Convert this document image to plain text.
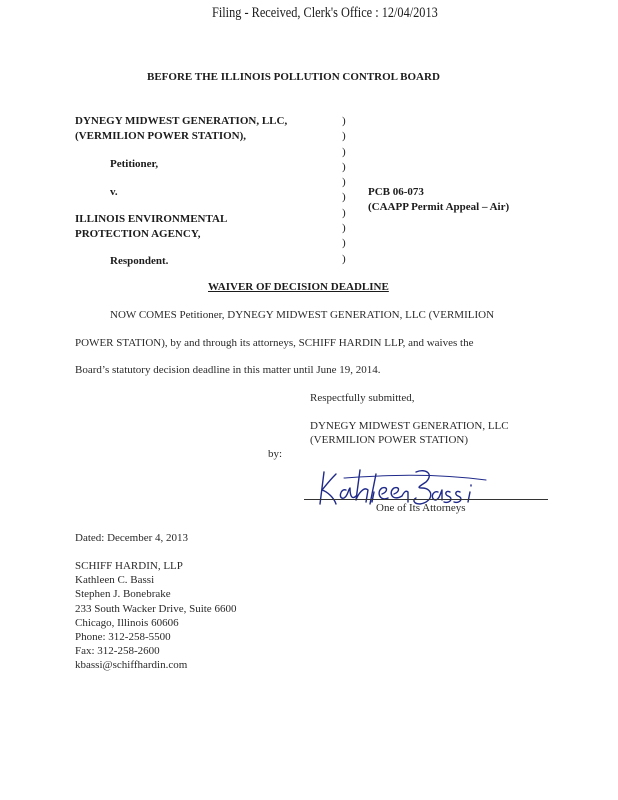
Filing - Received, Clerk's Office : 12/04/2013
BEFORE THE ILLINOIS POLLUTION CONTROL BOARD
DYNEGY MIDWEST GENERATION, LLC,
(VERMILION POWER STATION),
Petitioner,
v.
ILLINOIS ENVIRONMENTAL
PROTECTION AGENCY,
Respondent.
)
)
)
)
)
)
)
)
)
)
PCB 06-073
(CAAPP Permit Appeal – Air)
WAIVER OF DECISION DEADLINE
NOW COMES Petitioner, DYNEGY MIDWEST GENERATION, LLC (VERMILION
POWER STATION), by and through its attorneys, SCHIFF HARDIN LLP, and waives the
Board’s statutory decision deadline in this matter until June 19, 2014.
Respectfully submitted,
DYNEGY MIDWEST GENERATION, LLC
(VERMILION POWER STATION)
by:
One of Its Attorneys
Dated: December 4, 2013
SCHIFF HARDIN, LLP
Kathleen C. Bassi
Stephen J. Bonebrake
233 South Wacker Drive, Suite 6600
Chicago, Illinois 60606
Phone: 312-258-5500
Fax: 312-258-2600
kbassi@schiffhardin.com
